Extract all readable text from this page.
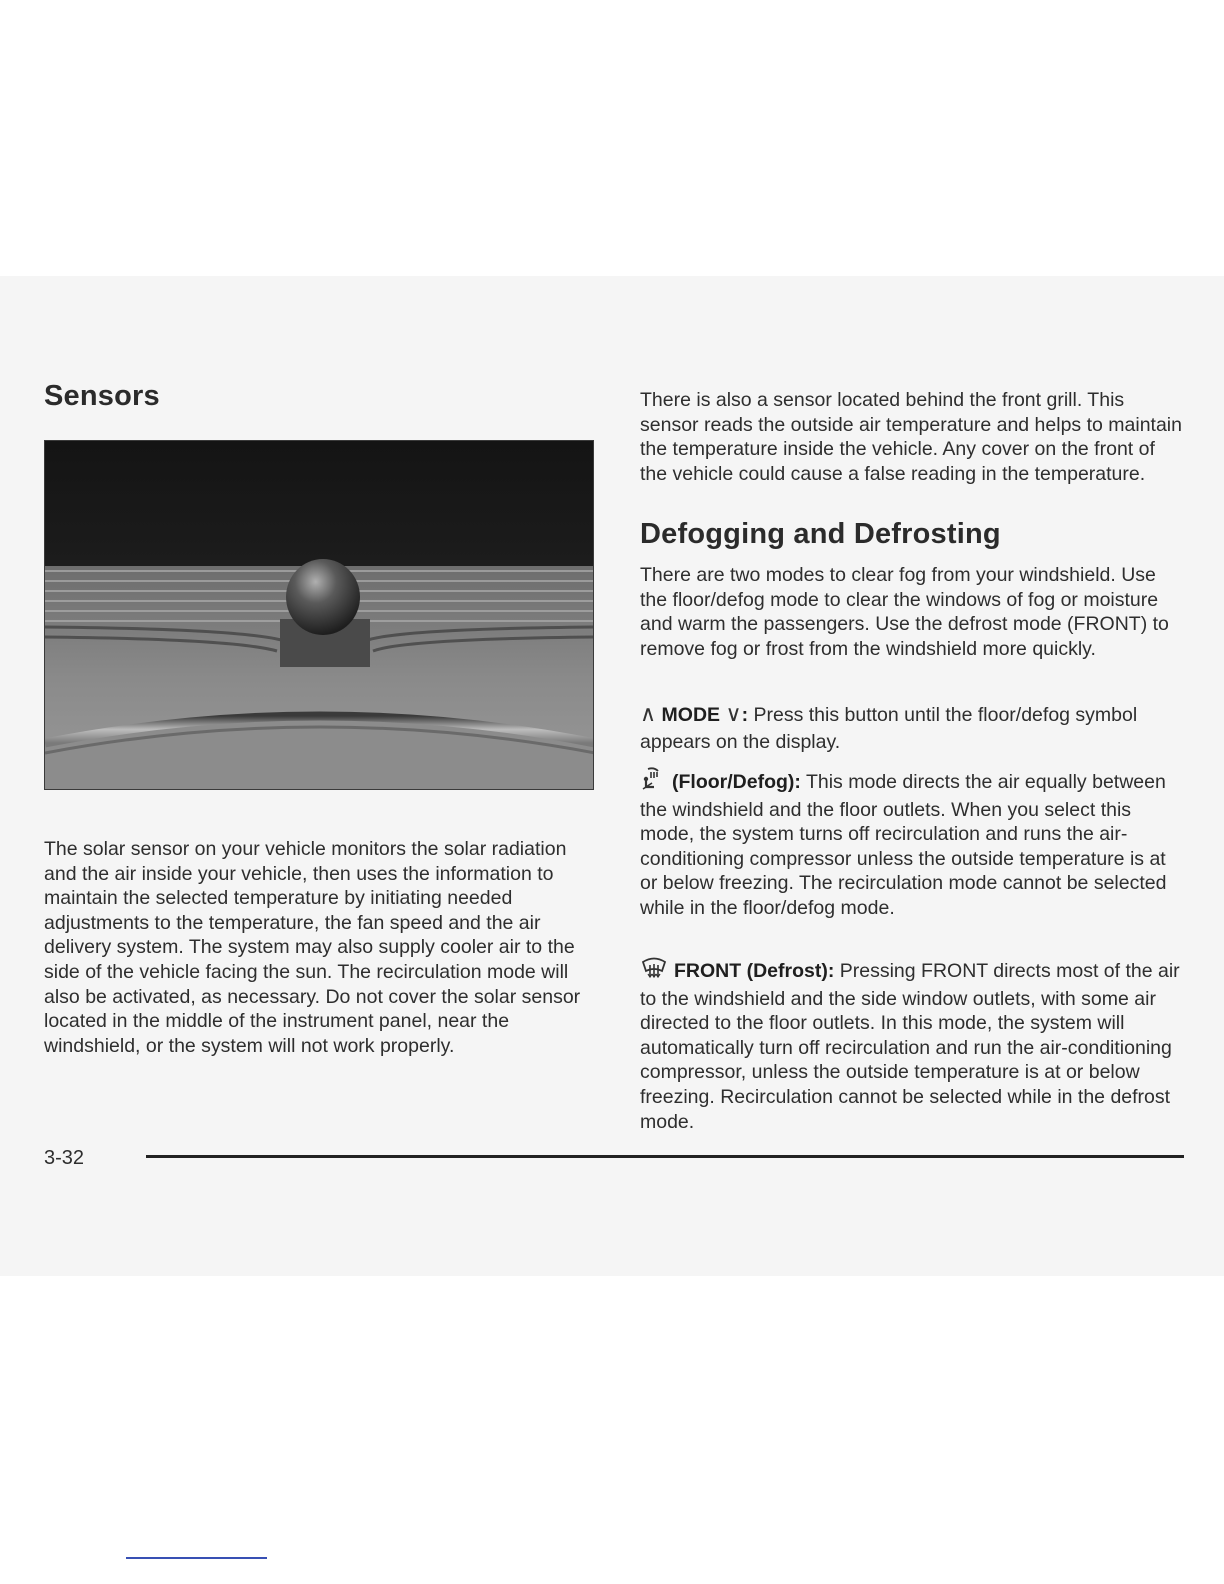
Sensors

The solar sensor on your vehicle monitors the solar radiation and the air inside your vehicle, then uses the information to maintain the selected temperature by initiating needed adjustments to the temperature, the fan speed and the air delivery system. The system may also supply cooler air to the side of the vehicle facing the sun. The recirculation mode will also be activated, as necessary. Do not cover the solar sensor located in the middle of the instrument panel, near the windshield, or the system will not work properly.

There is also a sensor located behind the front grill. This sensor reads the outside air temperature and helps to maintain the temperature inside the vehicle. Any cover on the front of the vehicle could cause a false reading in the temperature.

Defogging and Defrosting

There are two modes to clear fog from your windshield. Use the floor/defog mode to clear the windows of fog or moisture and warm the passengers. Use the defrost mode (FRONT) to remove fog or frost from the windshield more quickly.

∧ MODE ∨: Press this button until the floor/defog symbol appears on the display.

(Floor/Defog): This mode directs the air equally between the windshield and the floor outlets. When you select this mode, the system turns off recirculation and runs the air-conditioning compressor unless the outside temperature is at or below freezing. The recirculation mode cannot be selected while in the floor/defog mode.

FRONT (Defrost): Pressing FRONT directs most of the air to the windshield and the side window outlets, with some air directed to the floor outlets. In this mode, the system will automatically turn off recirculation and run the air-conditioning compressor, unless the outside temperature is at or below freezing. Recirculation cannot be selected while in the defrost mode.

3-32
